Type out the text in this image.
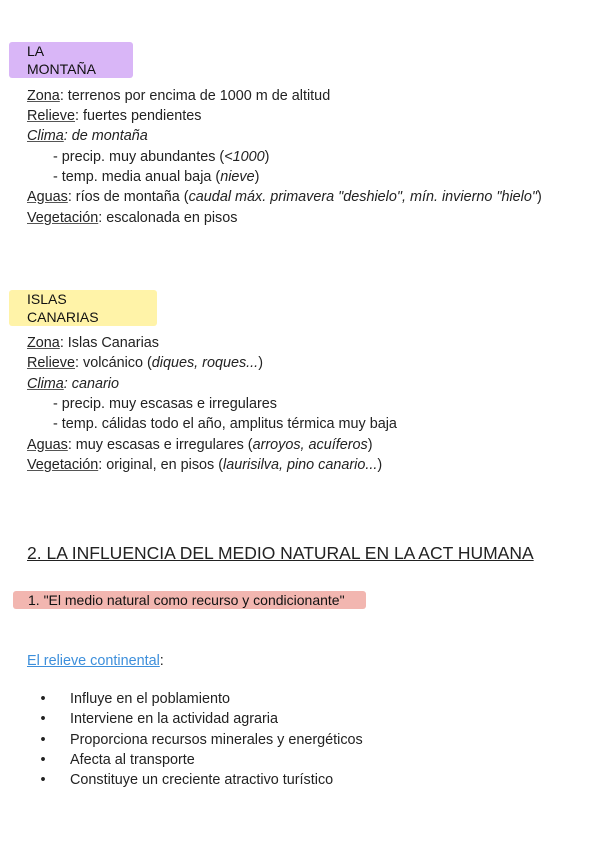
LA MONTAÑA
Zona: terrenos por encima de 1000 m de altitud
Relieve: fuertes pendientes
Clima: de montaña
- precip. muy abundantes (<1000)
- temp. media anual baja (nieve)
Aguas: ríos de montaña (caudal máx. primavera "deshielo", mín. invierno "hielo")
Vegetación: escalonada en pisos
ISLAS CANARIAS
Zona: Islas Canarias
Relieve: volcánico (diques, roques...)
Clima: canario
- precip. muy escasas e irregulares
- temp. cálidas todo el año, amplitus térmica muy baja
Aguas: muy escasas e irregulares (arroyos, acuíferos)
Vegetación: original, en pisos (laurisilva, pino canario...)
2. LA INFLUENCIA DEL MEDIO NATURAL EN LA ACT HUMANA
1. "El medio natural como recurso y condicionante"
El relieve continental:
• Influye en el poblamiento
• Interviene en la actividad agraria
• Proporciona recursos minerales y energéticos
• Afecta al transporte
• Constituye un creciente atractivo turístico
